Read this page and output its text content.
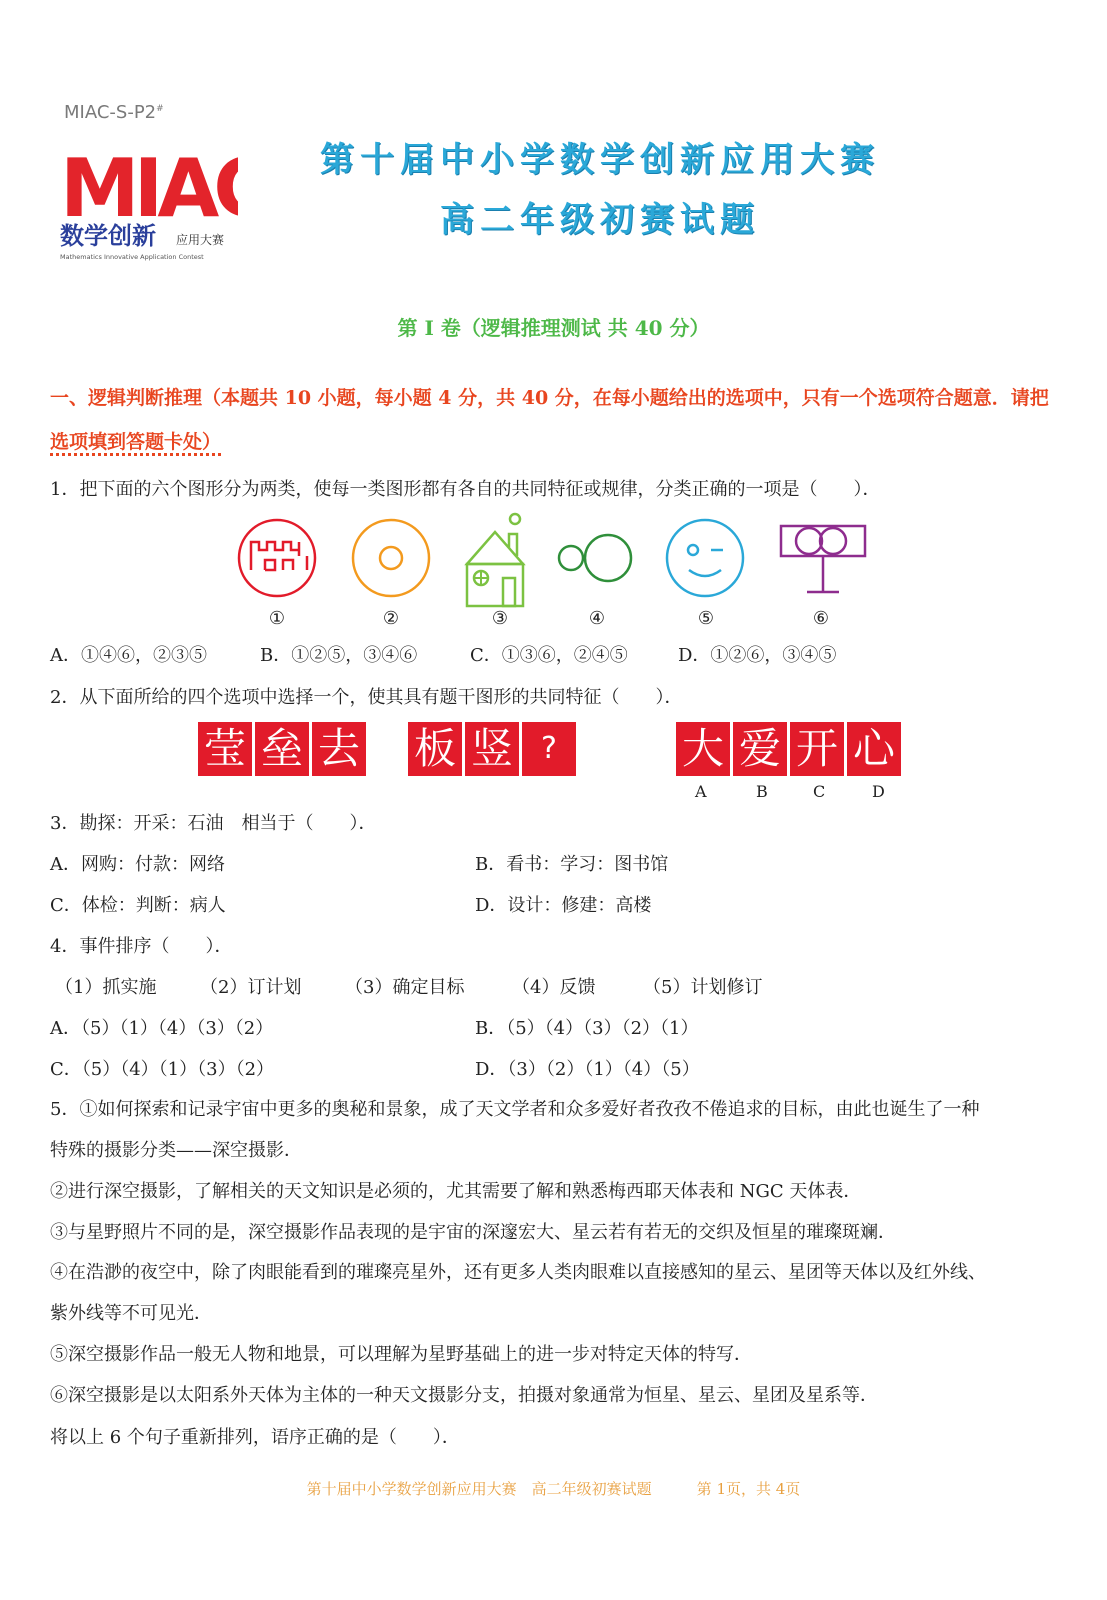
MIAC-S-P2#
MIA
数学创新 应用大赛
Mathematics Innovative Application Contest
第十届中小学数学创新应用大赛
高二年级初赛试题
第 I 卷（逻辑推理测试 共 40 分）
一、逻辑判断推理（本题共 10 小题，每小题 4 分，共 40 分，在每小题给出的选项中，只有一个选项符合题意．请把
选项填到答题卡处）
1．把下面的六个图形分为两类，使每一类图形都有各自的共同特征或规律，分类正确的一项是（　　）．
①	②	③	④	⑤	⑥
A．①④⑥，②③⑤	B．①②⑤，③④⑥	C．①③⑥，②④⑤	D．①②⑥，③④⑤
2．从下面所给的四个选项中选择一个，使其具有题干图形的共同特征（　　）．
莹 垒 去 板 竖 ?	大 爱 开 心
A	B	C	D
3．勘探：开采：石油　相当于（　　）．
A．网购：付款：网络	B．看书：学习：图书馆
C．体检：判断：病人	D．设计：修建：高楼
4．事件排序（　　）．
（1）抓实施	（2）订计划	（3）确定目标	（4）反馈	（5）计划修订
A．（5）（1）（4）（3）（2）	B．（5）（4）（3）（2）（1）
C．（5）（4）（1）（3）（2）	D．（3）（2）（1）（4）（5）
5．①如何探索和记录宇宙中更多的奥秘和景象，成了天文学者和众多爱好者孜孜不倦追求的目标，由此也诞生了一种
特殊的摄影分类——深空摄影．
②进行深空摄影，了解相关的天文知识是必须的，尤其需要了解和熟悉梅西耶天体表和 NGC 天体表．
③与星野照片不同的是，深空摄影作品表现的是宇宙的深邃宏大、星云若有若无的交织及恒星的璀璨斑斓．
④在浩渺的夜空中，除了肉眼能看到的璀璨亮星外，还有更多人类肉眼难以直接感知的星云、星团等天体以及红外线、
紫外线等不可见光．
⑤深空摄影作品一般无人物和地景，可以理解为星野基础上的进一步对特定天体的特写．
⑥深空摄影是以太阳系外天体为主体的一种天文摄影分支，拍摄对象通常为恒星、星云、星团及星系等．
将以上 6 个句子重新排列，语序正确的是（　　）．
第十届中小学数学创新应用大赛　高二年级初赛试题　　　第 1页，共 4页
